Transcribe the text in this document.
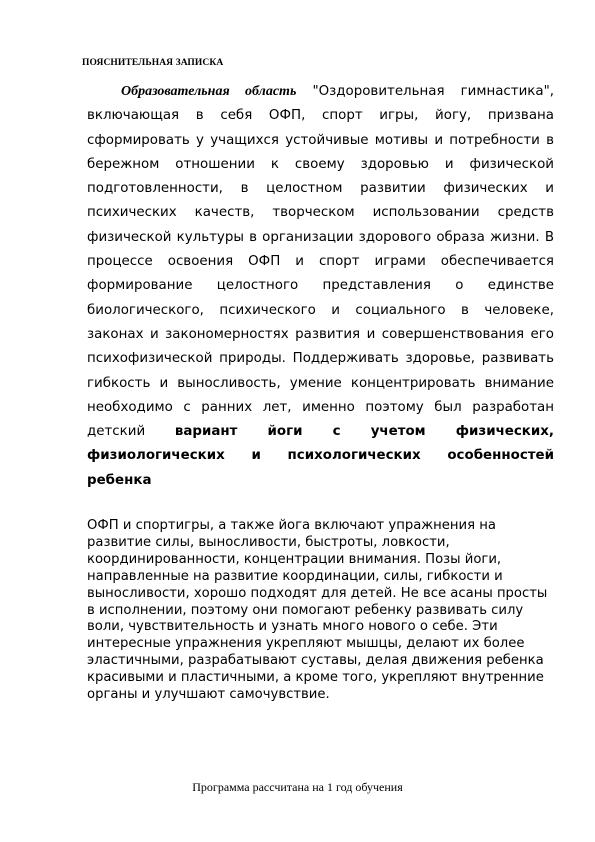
ПОЯСНИТЕЛЬНАЯ ЗАПИСКА
Образовательная область "Оздоровительная гимнастика", включающая в себя ОФП, спорт игры, йогу, призвана сформировать у учащихся устойчивые мотивы и потребности в бережном отношении к своему здоровью и физической подготовленности, в целостном развитии физических и психических качеств, творческом использовании средств физической культуры в организации здорового образа жизни. В процессе освоения ОФП и спорт играми обеспечивается формирование целостного представления о единстве биологического, психического и социального в человеке, законах и закономерностях развития и совершенствования его психофизической природы. Поддерживать здоровье, развивать гибкость и выносливость, умение концентрировать внимание необходимо с ранних лет, именно поэтому был разработан детский вариант йоги с учетом физических, физиологических и психологических особенностей ребенка
ОФП и спортигры, а также йога включают упражнения на развитие силы, выносливости, быстроты, ловкости, координированности, концентрации внимания. Позы йоги, направленные на развитие координации, силы, гибкости и выносливости, хорошо подходят для детей. Не все асаны просты в исполнении, поэтому они помогают ребенку развивать силу воли, чувствительность и узнать много нового о себе. Эти интересные упражнения укрепляют мышцы, делают их более эластичными, разрабатывают суставы, делая движения ребенка красивыми и пластичными, а кроме того, укрепляют внутренние органы и улучшают самочувствие.
Программа рассчитана на 1 год обучения
